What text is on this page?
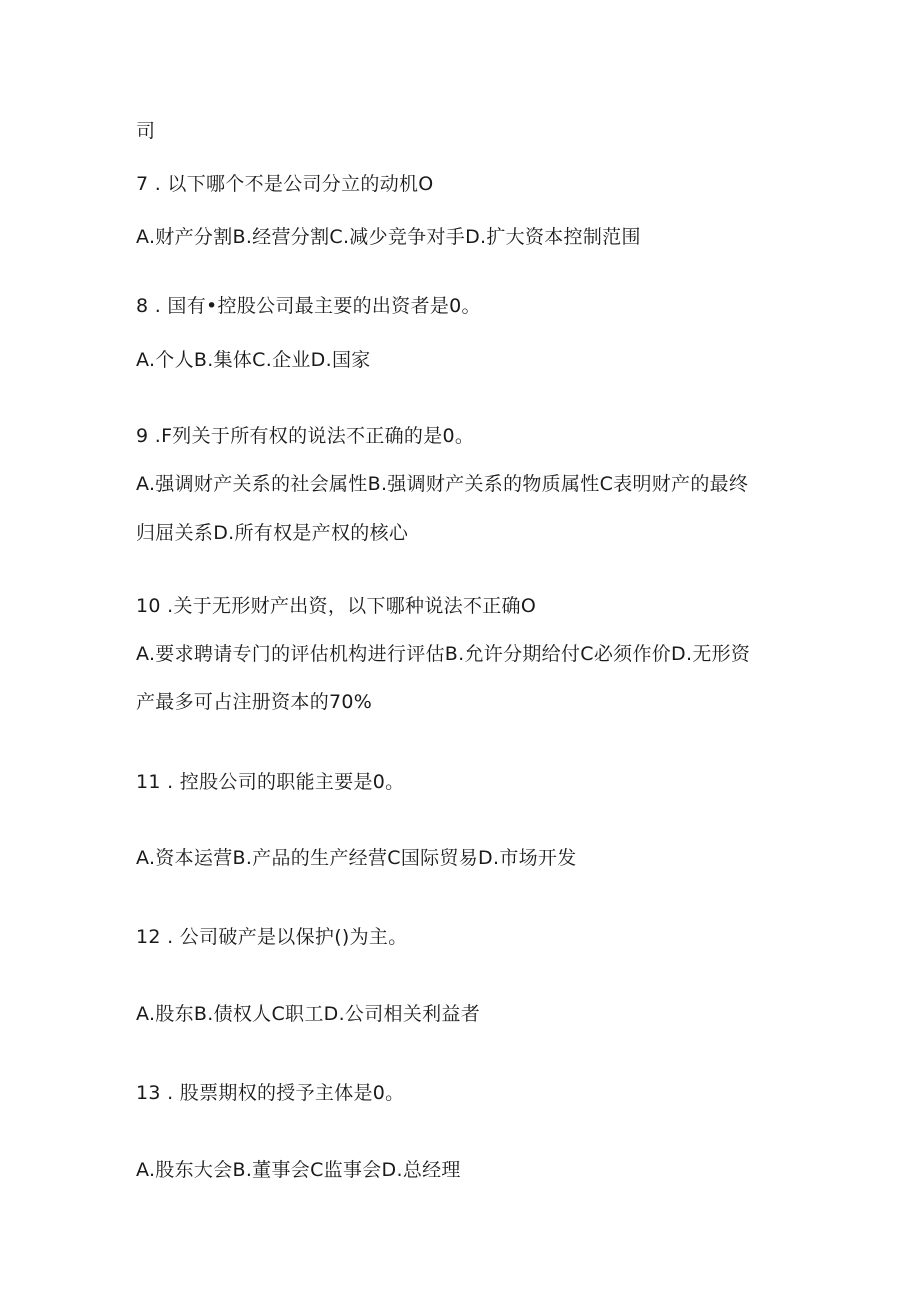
司
7 . 以下哪个不是公司分立的动机O
A.财产分割B.经营分割C.减少竞争对手D.扩大资本控制范围
8 . 国有•控股公司最主要的出资者是0。
A.个人B.集体C.企业D.国家
9 .F列关于所有权的说法不正确的是0。
A.强调财产关系的社会属性B.强调财产关系的物质属性C表明财产的最终
归屈关系D.所有权是产权的核心
10 .关于无形财产出资，以下哪种说法不正确O
A.要求聘请专门的评估机构进行评估B.允许分期给付C必须作价D.无形资
产最多可占注册资本的70%
11 . 控股公司的职能主要是0。
A.资本运营B.产品的生产经营C国际贸易D.市场开发
12 . 公司破产是以保护()为主。
A.股东B.债权人C职工D.公司相关利益者
13 . 股票期权的授予主体是0。
A.股东大会B.董事会C监事会D.总经理
